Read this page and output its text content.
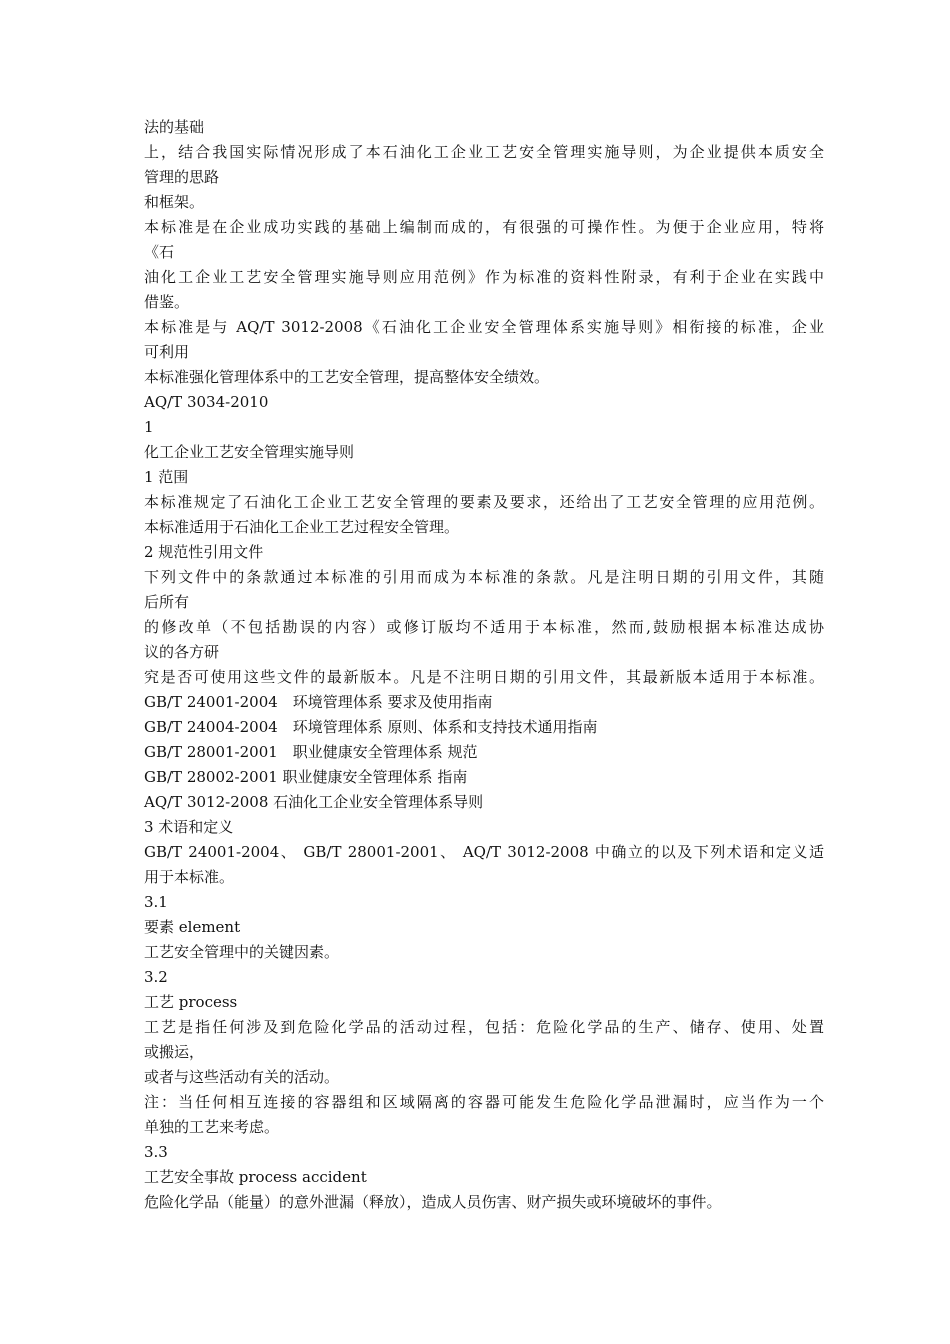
法的基础
上，结合我国实际情况形成了本石油化工企业工艺安全管理实施导则，为企业提供本质安全
管理的思路
和框架。
本标准是在企业成功实践的基础上编制而成的，有很强的可操作性。为便于企业应用，特将
《石
油化工企业工艺安全管理实施导则应用范例》作为标准的资料性附录，有利于企业在实践中
借鉴。
本标准是与 AQ/T 3012-2008《石油化工企业安全管理体系实施导则》相衔接的标准，企业
可利用
本标准强化管理体系中的工艺安全管理，提高整体安全绩效。
AQ/T 3034-2010
1
化工企业工艺安全管理实施导则
1 范围
本标准规定了石油化工企业工艺安全管理的要素及要求，还给出了工艺安全管理的应用范例。
本标准适用于石油化工企业工艺过程安全管理。
2 规范性引用文件
下列文件中的条款通过本标准的引用而成为本标准的条款。凡是注明日期的引用文件，其随
后所有
的修改单（不包括勘误的内容）或修订版均不适用于本标准，然而,鼓励根据本标准达成协
议的各方研
究是否可使用这些文件的最新版本。凡是不注明日期的引用文件，其最新版本适用于本标准。
GB/T 24001-2004　环境管理体系 要求及使用指南
GB/T 24004-2004　环境管理体系 原则、体系和支持技术通用指南
GB/T 28001-2001　职业健康安全管理体系 规范
GB/T 28002-2001 职业健康安全管理体系 指南
AQ/T 3012-2008 石油化工企业安全管理体系导则
3 术语和定义
GB/T 24001-2004、 GB/T 28001-2001、 AQ/T 3012-2008 中确立的以及下列术语和定义适
用于本标准。
3.1
要素 element
工艺安全管理中的关键因素。
3.2
工艺 process
工艺是指任何涉及到危险化学品的活动过程，包括：危险化学品的生产、储存、使用、处置
或搬运，
或者与这些活动有关的活动。
注：当任何相互连接的容器组和区域隔离的容器可能发生危险化学品泄漏时，应当作为一个
单独的工艺来考虑。
3.3
工艺安全事故 process accident
危险化学品（能量）的意外泄漏（释放），造成人员伤害、财产损失或环境破坏的事件。
